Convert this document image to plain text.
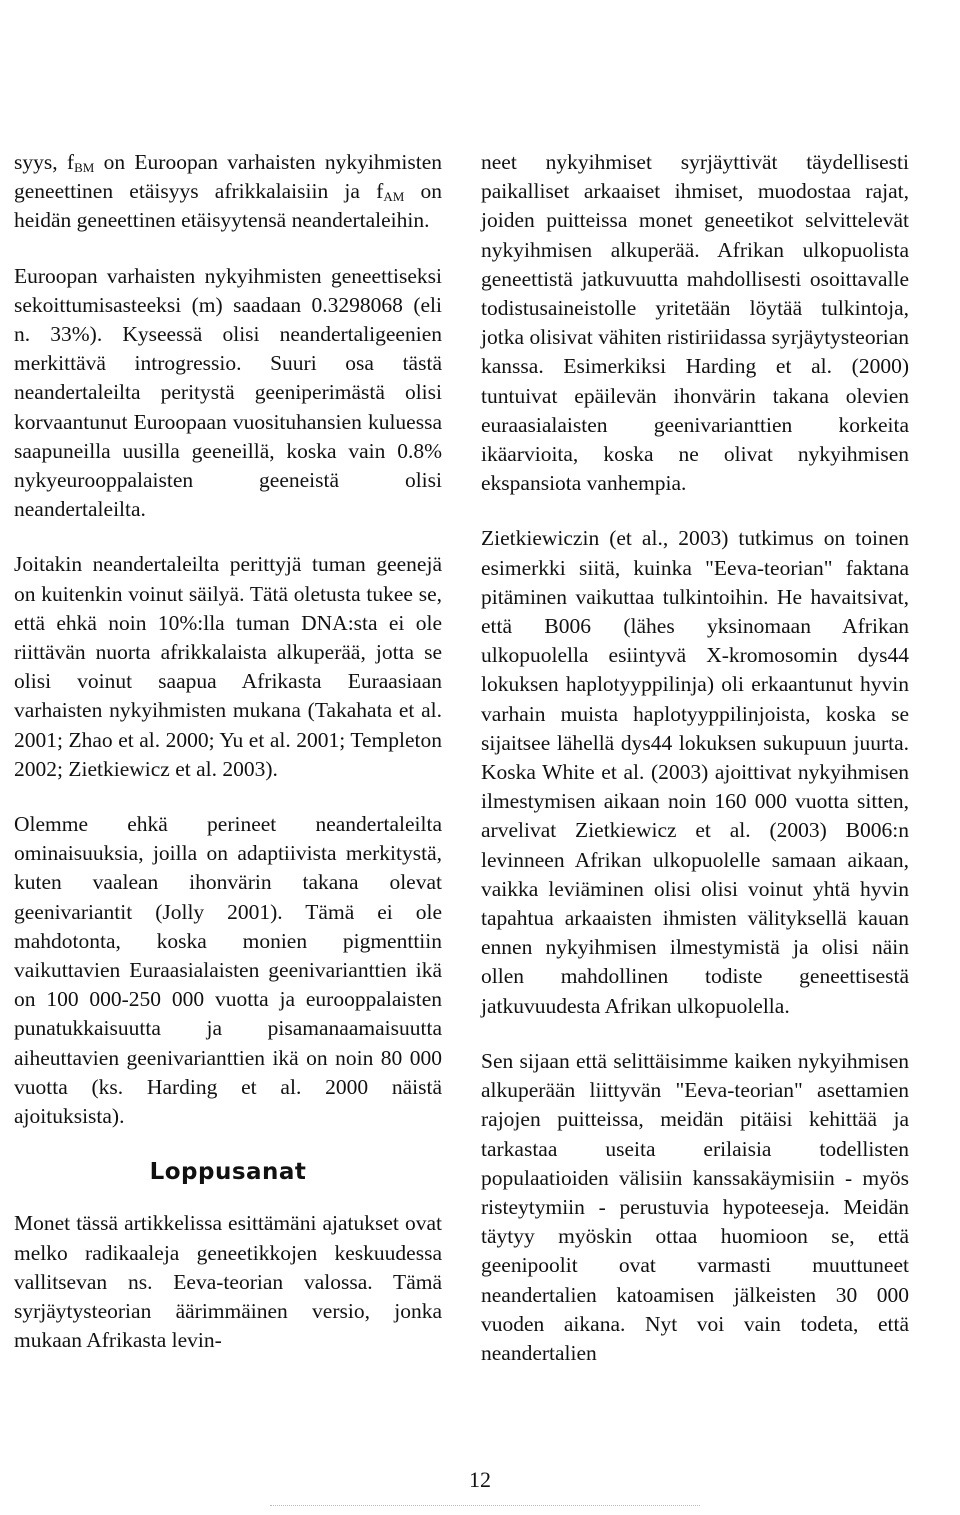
syys, $f_{BM}$ on Euroopan varhaisten nykyihmisten geneettinen etäisyys afrikkalaisiin ja $f_{AM}$ on heidän geneettinen etäisyytensä neandertaleihin.

Euroopan varhaisten nykyihmisten geneettiseksi sekoittumisasteeksi (m) saadaan 0.3298068 (eli n. 33%). Kyseessä olisi neandertaligeenien merkittävä introgressio. Suuri osa tästä neandertaleilta peritystä geeniperimästä olisi korvaantunut Euroopaan vuosituhansien kuluessa saapuneilla uusilla geeneillä, koska vain 0.8% nykyeurooppalaisten geeneistä olisi neandertaleilta.

Joitakin neandertaleilta perittyjä tuman geenejä on kuitenkin voinut säilyä. Tätä oletusta tukee se, että ehkä noin 10%:lla tuman DNA:sta ei ole riittävän nuorta afrikkalaista alkuperää, jotta se olisi voinut saapua Afrikasta Euraasiaan varhaisten nykyihmisten mukana (Takahata et al. 2001; Zhao et al. 2000; Yu et al. 2001; Templeton 2002; Zietkiewicz et al. 2003).

Olemme ehkä perineet neandertaleilta ominaisuuksia, joilla on adaptiivista merkitystä, kuten vaalean ihonvärin takana olevat geenivariantit (Jolly 2001). Tämä ei ole mahdotonta, koska monien pigmenttiin vaikuttavien Euraasialaisten geenivarianttien ikä on 100 000-250 000 vuotta ja eurooppalaisten punatukkaisuutta ja pisamanaamaisuutta aiheuttavien geenivarianttien ikä on noin 80 000 vuotta (ks. Harding et al. 2000 näistä ajoituksista).

Loppusanat

Monet tässä artikkelissa esittämäni ajatukset ovat melko radikaaleja geneetikkojen keskuudessa vallitsevan ns. Eeva-teorian valossa. Tämä syrjäytysteorian äärimmäinen versio, jonka mukaan Afrikasta levin-

neet nykyihmiset syrjäyttivät täydellisesti paikalliset arkaaiset ihmiset, muodostaa rajat, joiden puitteissa monet geneetikot selvittelevät nykyihmisen alkuperää. Afrikan ulkopuolista geneettistä jatkuvuutta mahdollisesti osoittavalle todistusaineistolle yritetään löytää tulkintoja, jotka olisivat vähiten ristiriidassa syrjäytysteorian kanssa. Esimerkiksi Harding et al. (2000) tuntuivat epäilevän ihonvärin takana olevien euraasialaisten geenivarianttien korkeita ikäarvioita, koska ne olivat nykyihmisen ekspansiota vanhempia.

Zietkiewiczin (et al., 2003) tutkimus on toinen esimerkki siitä, kuinka "Eeva-teorian" faktana pitäminen vaikuttaa tulkintoihin. He havaitsivat, että B006 (lähes yksinomaan Afrikan ulkopuolella esiintyvä X-kromosomin dys44 lokuksen haplotyyppilinja) oli erkaantunut hyvin varhain muista haplotyyppilinjoista, koska se sijaitsee lähellä dys44 lokuksen sukupuun juurta. Koska White et al. (2003) ajoittivat nykyihmisen ilmestymisen aikaan noin 160 000 vuotta sitten, arvelivat Zietkiewicz et al. (2003) B006:n levinneen Afrikan ulkopuolelle samaan aikaan, vaikka leviäminen olisi olisi voinut yhtä hyvin tapahtua arkaaisten ihmisten välityksellä kauan ennen nykyihmisen ilmestymistä ja olisi näin ollen mahdollinen todiste geneettisestä jatkuvuudesta Afrikan ulkopuolella.

Sen sijaan että selittäisimme kaiken nykyihmisen alkuperään liittyvän "Eeva-teorian" asettamien rajojen puitteissa, meidän pitäisi kehittää ja tarkastaa useita erilaisia todellisten populaatioiden välisiin kanssakäymisiin - myös risteytymiin - perustuvia hypoteeseja. Meidän täytyy myöskin ottaa huomioon se, että geenipoolit ovat varmasti muuttuneet neandertalien katoamisen jälkeisten 30 000 vuoden aikana. Nyt voi vain todeta, että neandertalien

12
